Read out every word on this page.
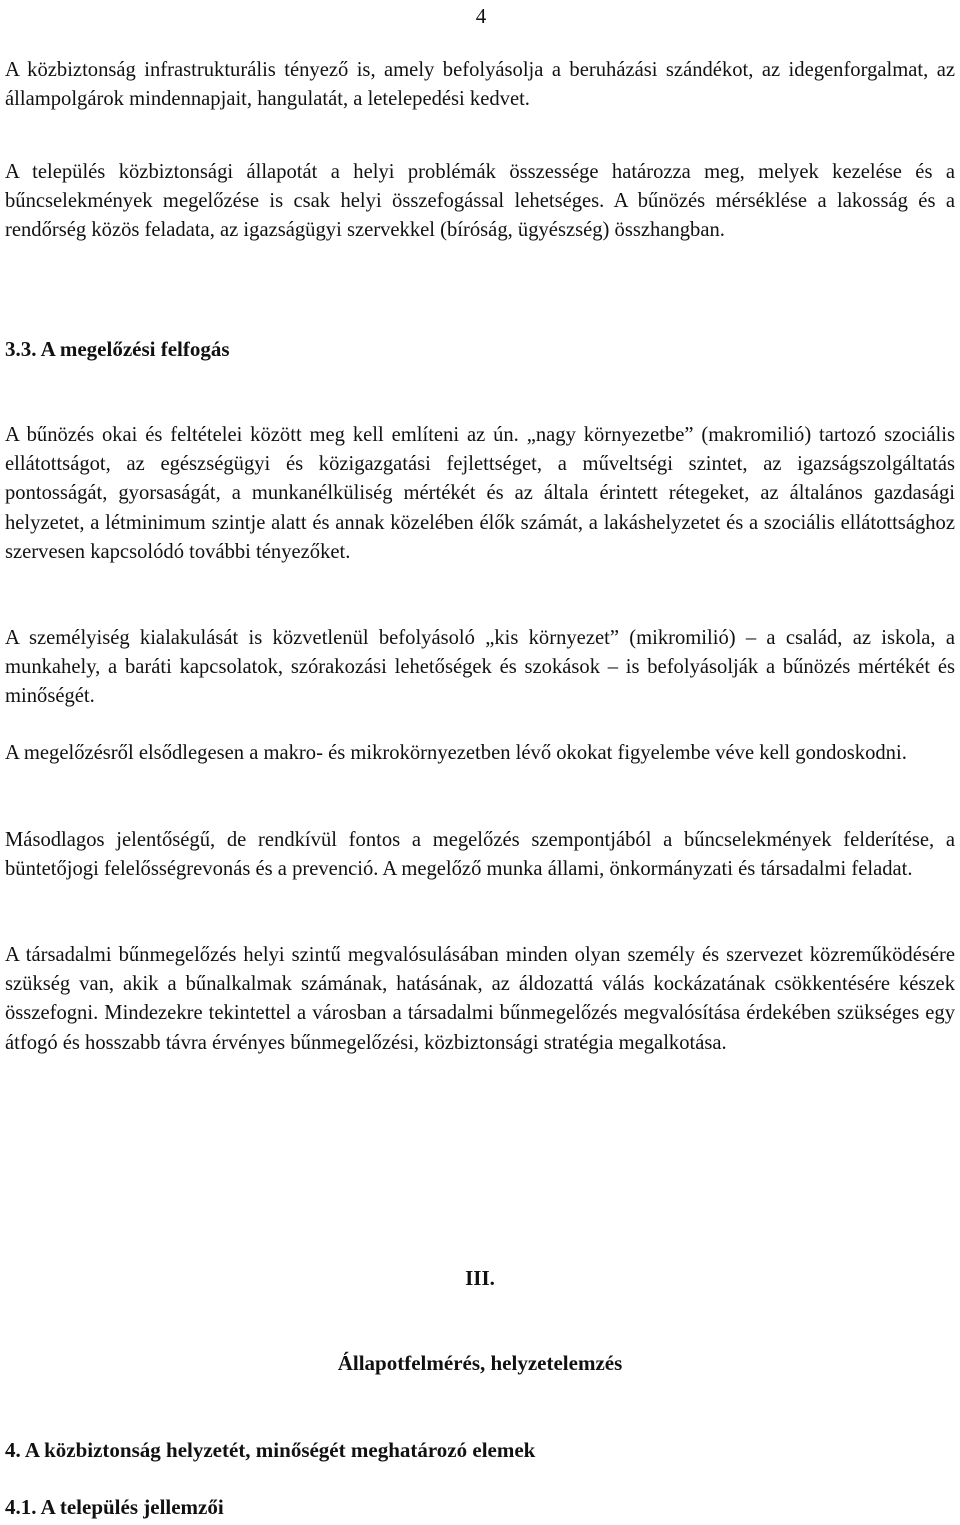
4

A közbiztonság infrastrukturális tényező is, amely befolyásolja a beruházási szándékot, az idegenforgalmat, az állampolgárok mindennapjait, hangulatát, a letelepedési kedvet.

A település közbiztonsági állapotát a helyi problémák összessége határozza meg, melyek kezelése és a bűncselekmények megelőzése is csak helyi összefogással lehetséges. A bűnözés mérséklése a lakosság és a rendőrség közös feladata, az igazságügyi szervekkel (bíróság, ügyészség) összhangban.

3.3. A megelőzési felfogás

A bűnözés okai és feltételei között meg kell említeni az ún. „nagy környezetbe” (makromilió) tartozó szociális ellátottságot, az egészségügyi és közigazgatási fejlettséget, a műveltségi szintet, az igazságszolgáltatás pontosságát, gyorsaságát, a munkanélküliség mértékét és az általa érintett rétegeket, az általános gazdasági helyzetet, a létminimum szintje alatt és annak közelében élők számát, a lakáshelyzetet és a szociális ellátottsághoz szervesen kapcsolódó további tényezőket.

A személyiség kialakulását is közvetlenül befolyásoló „kis környezet” (mikromilió) – a család, az iskola, a munkahely, a baráti kapcsolatok, szórakozási lehetőségek és szokások – is befolyásolják a bűnözés mértékét és minőségét.

A megelőzésről elsődlegesen a makro- és mikrokörnyezetben lévő okokat figyelembe véve kell gondoskodni.

Másodlagos jelentőségű, de rendkívül fontos a megelőzés szempontjából a bűncselekmények felderítése, a büntetőjogi felelősségrevonás és a prevenció. A megelőző munka állami, önkormányzati és társadalmi feladat.

A társadalmi bűnmegelőzés helyi szintű megvalósulásában minden olyan személy és szervezet közreműködésére szükség van, akik a bűnalkalmak számának, hatásának, az áldozattá válás kockázatának csökkentésére készek összefogni. Mindezekre tekintettel a városban a társadalmi bűnmegelőzés megvalósítása érdekében szükséges egy átfogó és hosszabb távra érvényes bűnmegelőzési, közbiztonsági stratégia megalkotása.

III.
Állapotfelmérés, helyzetelemzés
4. A közbiztonság helyzetét, minőségét meghatározó elemek
4.1. A település jellemzői
